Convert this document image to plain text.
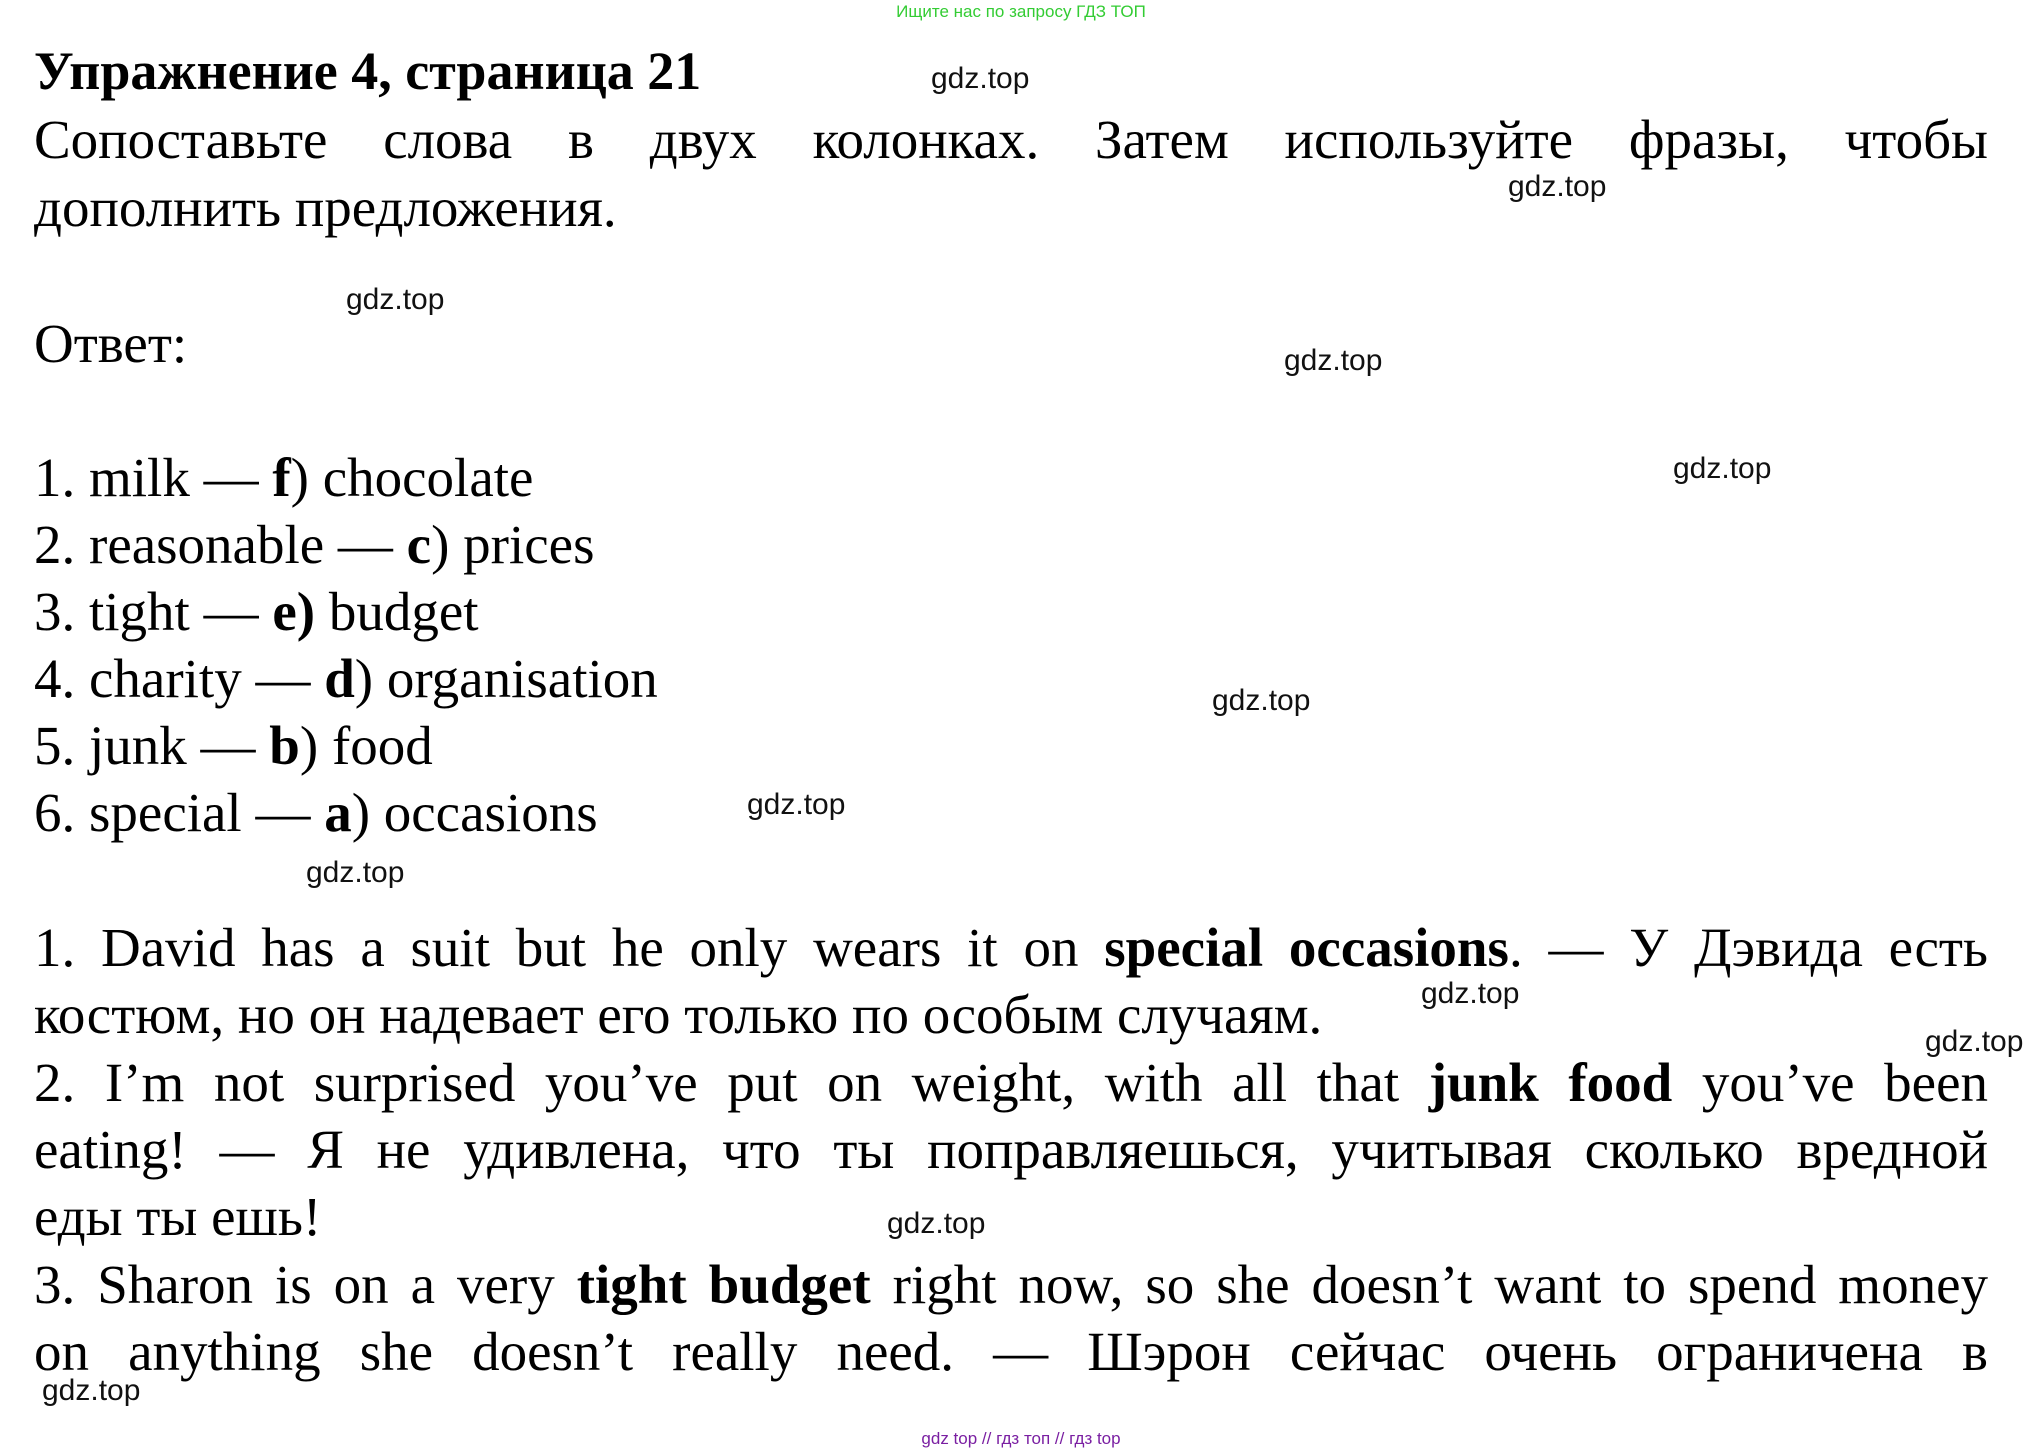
Ищите нас по запросу ГДЗ ТОП
Упражнение 4, страница 21
Сопоставьте слова в двух колонках. Затем используйте фразы, чтобы
дополнить предложения.
Ответ:
1. milk — f) chocolate
2. reasonable — c) prices
3. tight — e) budget
4. charity — d) organisation
5. junk — b) food
6. special — a) occasions
1. David has a suit but he only wears it on special occasions. — У Дэвида есть
костюм, но он надевает его только по особым случаям.
2. I’m not surprised you’ve put on weight, with all that junk food you’ve been
eating! — Я не удивлена, что ты поправляешься, учитывая сколько вредной
еды ты ешь!
3. Sharon is on a very tight budget right now, so she doesn’t want to spend money
on anything she doesn’t really need. — Шэрон сейчас очень ограничена в
gdz.top
gdz.top
gdz.top
gdz.top
gdz.top
gdz.top
gdz.top
gdz.top
gdz.top
gdz.top
gdz.top
gdz.top
gdz top // гдз топ // гдз top
